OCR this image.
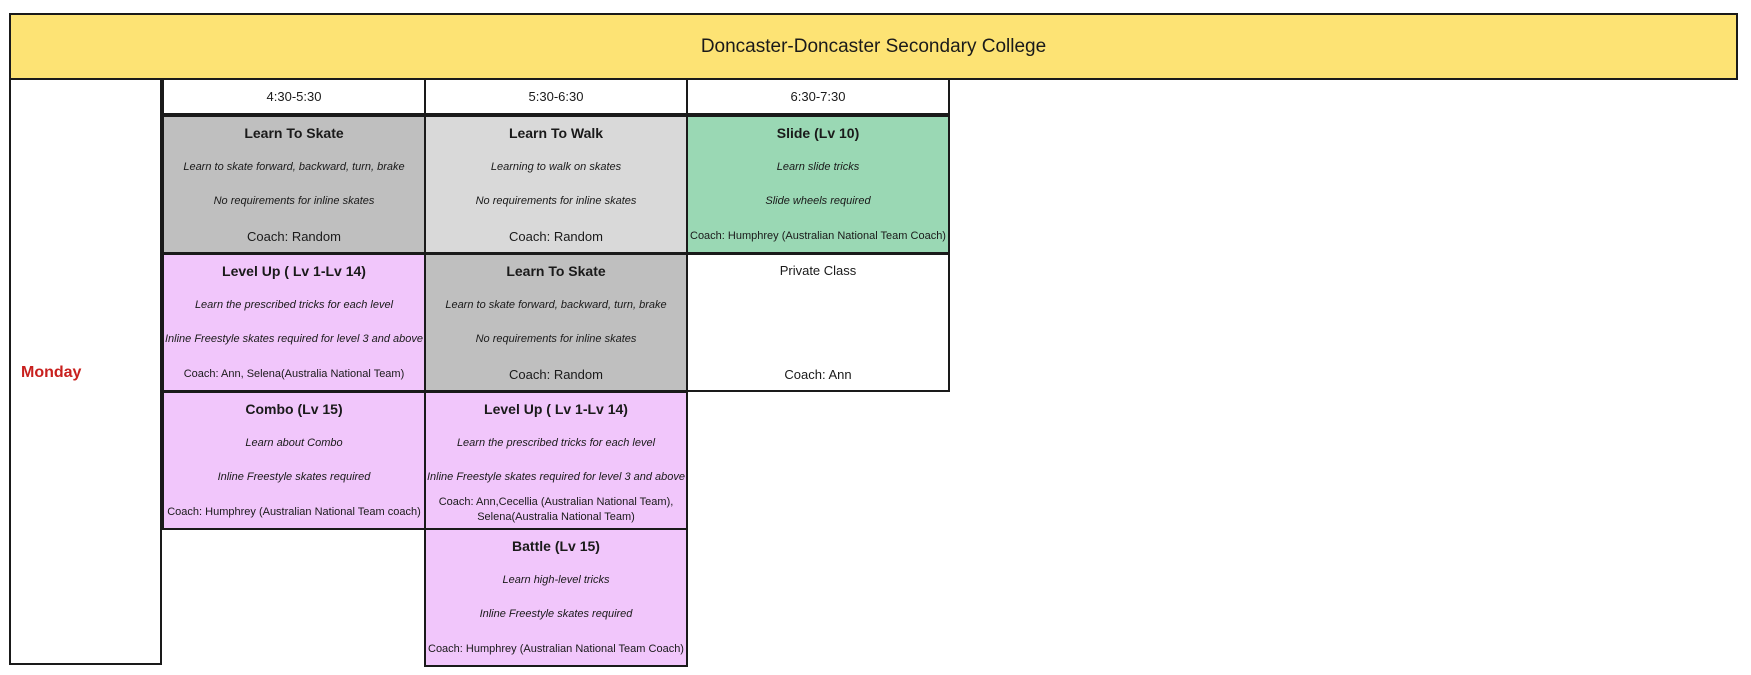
Doncaster-Doncaster Secondary College
Monday
4:30-5:30	5:30-6:30	6:30-7:30
Learn To Skate
Learn to skate forward, backward, turn, brake
No requirements for inline skates
Coach: Random
Learn To Walk
Learning to walk on skates
No requirements for inline skates
Coach: Random
Slide (Lv 10)
Learn slide tricks
Slide wheels required
Coach: Humphrey (Australian National Team Coach)
Level Up ( Lv 1-Lv 14)
Learn the prescribed tricks for each level
Inline Freestyle skates required for level 3 and above
Coach: Ann, Selena(Australia National Team)
Learn To Skate
Learn to skate forward, backward, turn, brake
No requirements for inline skates
Coach: Random
Private Class
Coach: Ann
Combo (Lv 15)
Learn about Combo
Inline Freestyle skates required
Coach: Humphrey (Australian National Team coach)
Level Up ( Lv 1-Lv 14)
Learn the prescribed tricks for each level
Inline Freestyle skates required for level 3 and above
Coach: Ann,Cecellia (Australian National Team), Selena(Australia National Team)
Battle (Lv 15)
Learn high-level tricks
Inline Freestyle skates required
Coach: Humphrey (Australian National Team Coach)
